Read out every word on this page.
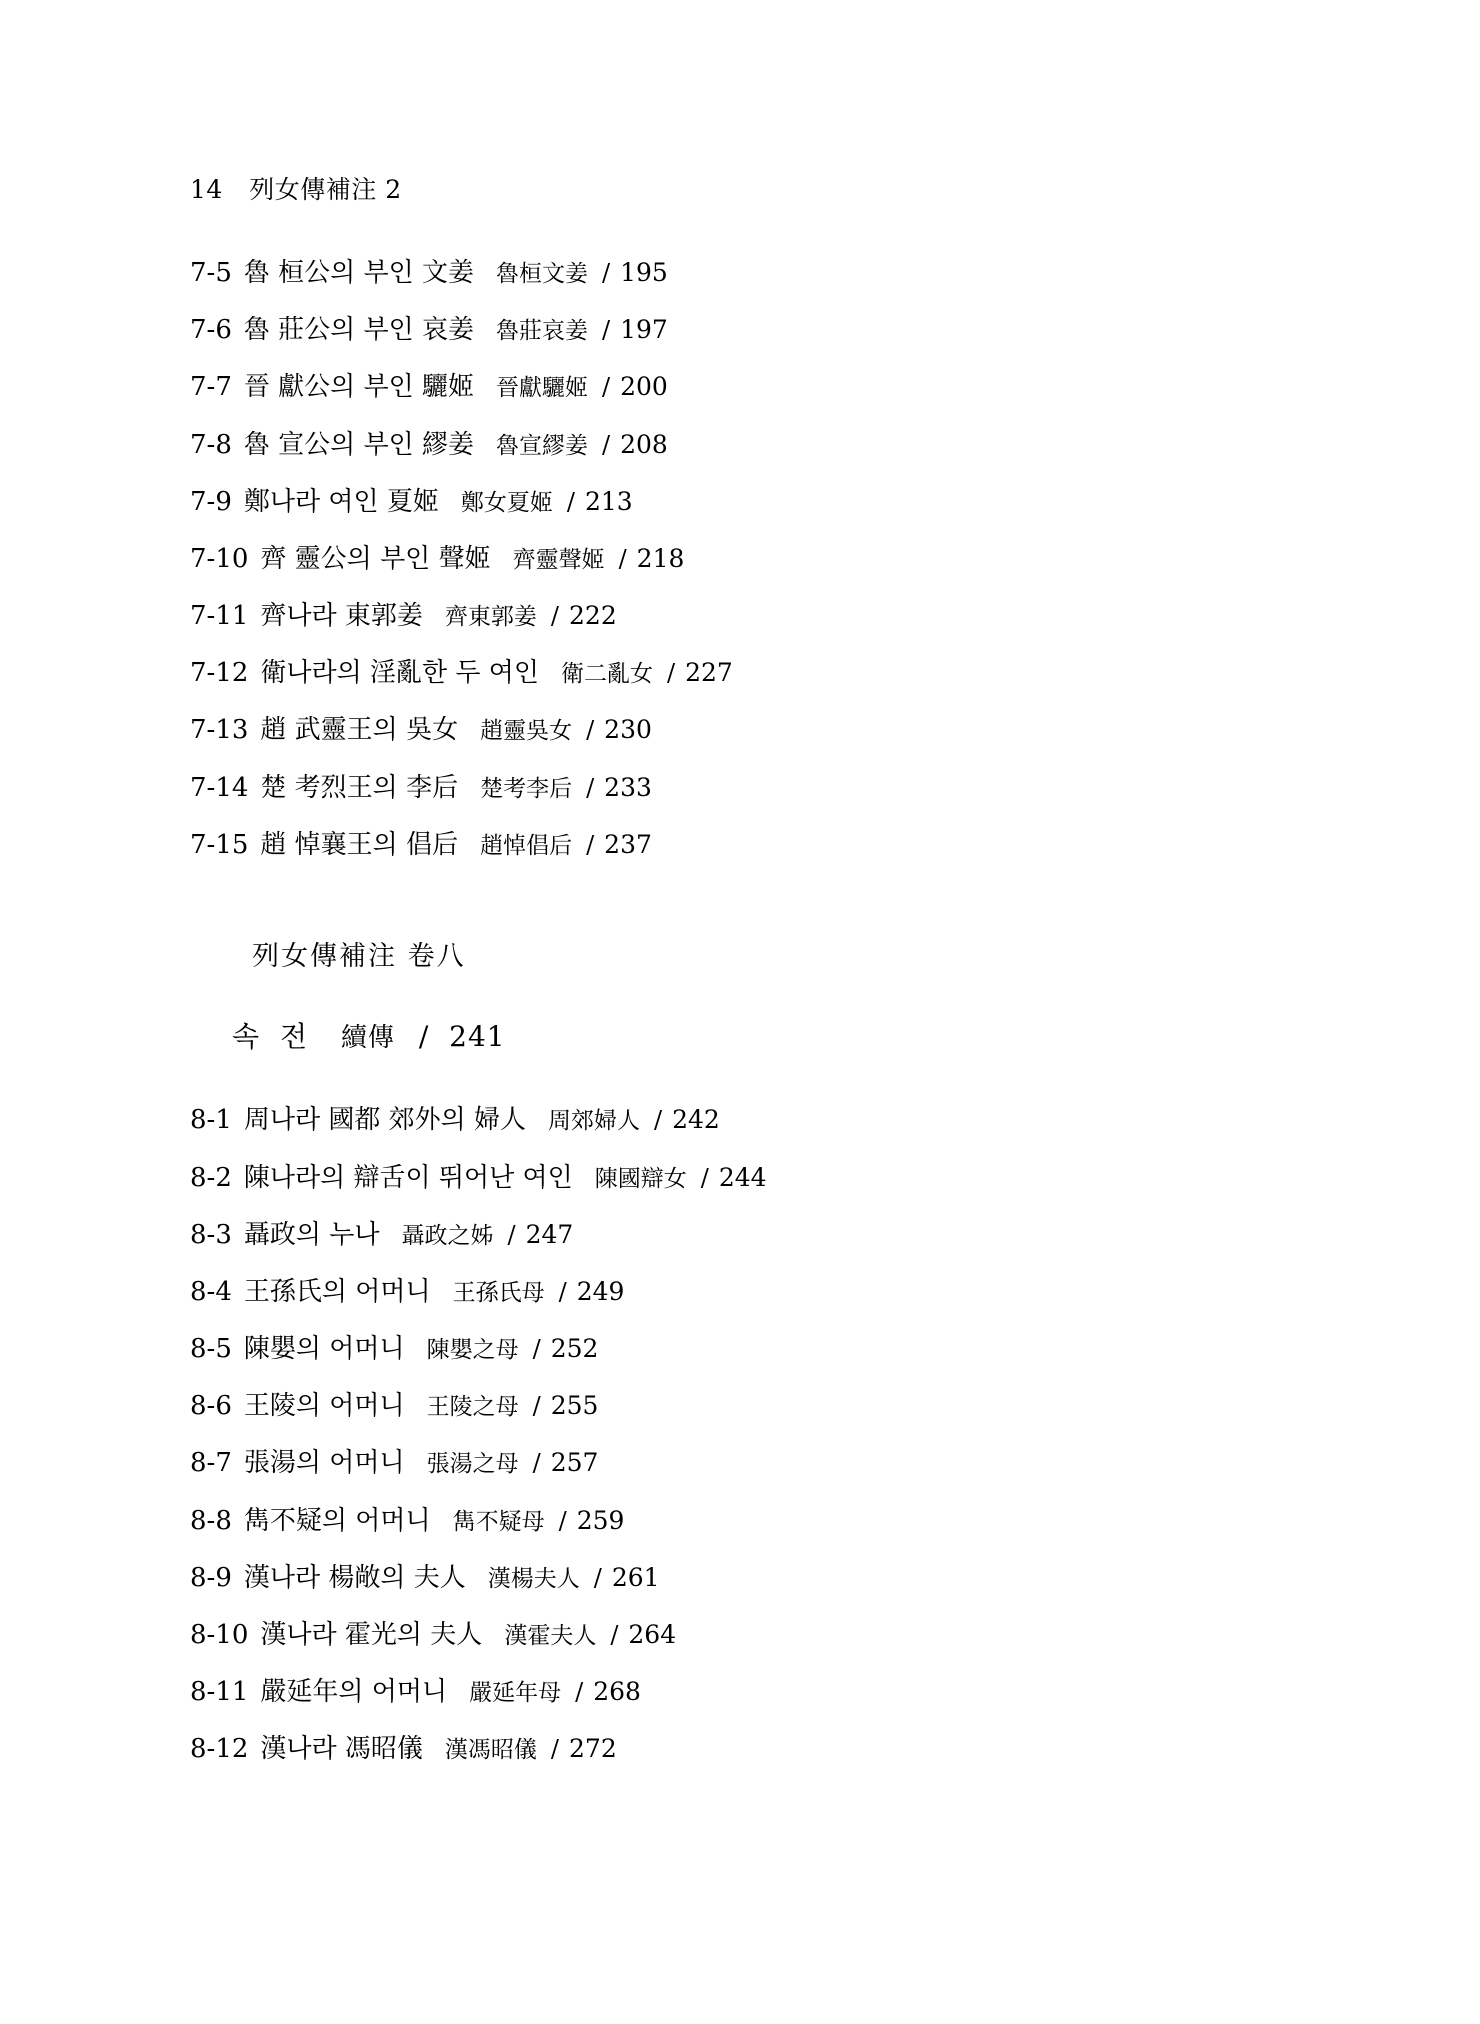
14 列女傳補注 2
7-5 魯 桓公의 부인 文姜 魯桓文姜 / 195
7-6 魯 莊公의 부인 哀姜 魯莊哀姜 / 197
7-7 晉 獻公의 부인 驪姬 晉獻驪姬 / 200
7-8 魯 宣公의 부인 繆姜 魯宣繆姜 / 208
7-9 鄭나라 여인 夏姬 鄭女夏姬 / 213
7-10 齊 靈公의 부인 聲姬 齊靈聲姬 / 218
7-11 齊나라 東郭姜 齊東郭姜 / 222
7-12 衛나라의 淫亂한 두 여인 衛二亂女 / 227
7-13 趙 武靈王의 吳女 趙靈吳女 / 230
7-14 楚 考烈王의 李后 楚考李后 / 233
7-15 趙 悼襄王의 倡后 趙悼倡后 / 237
列女傳補注 卷八
속 전 續傳 / 241
8-1 周나라 國都 郊外의 婦人 周郊婦人 / 242
8-2 陳나라의 辯舌이 뛰어난 여인 陳國辯女 / 244
8-3 聶政의 누나 聶政之姊 / 247
8-4 王孫氏의 어머니 王孫氏母 / 249
8-5 陳嬰의 어머니 陳嬰之母 / 252
8-6 王陵의 어머니 王陵之母 / 255
8-7 張湯의 어머니 張湯之母 / 257
8-8 雋不疑의 어머니 雋不疑母 / 259
8-9 漢나라 楊敞의 夫人 漢楊夫人 / 261
8-10 漢나라 霍光의 夫人 漢霍夫人 / 264
8-11 嚴延年의 어머니 嚴延年母 / 268
8-12 漢나라 馮昭儀 漢馮昭儀 / 272
